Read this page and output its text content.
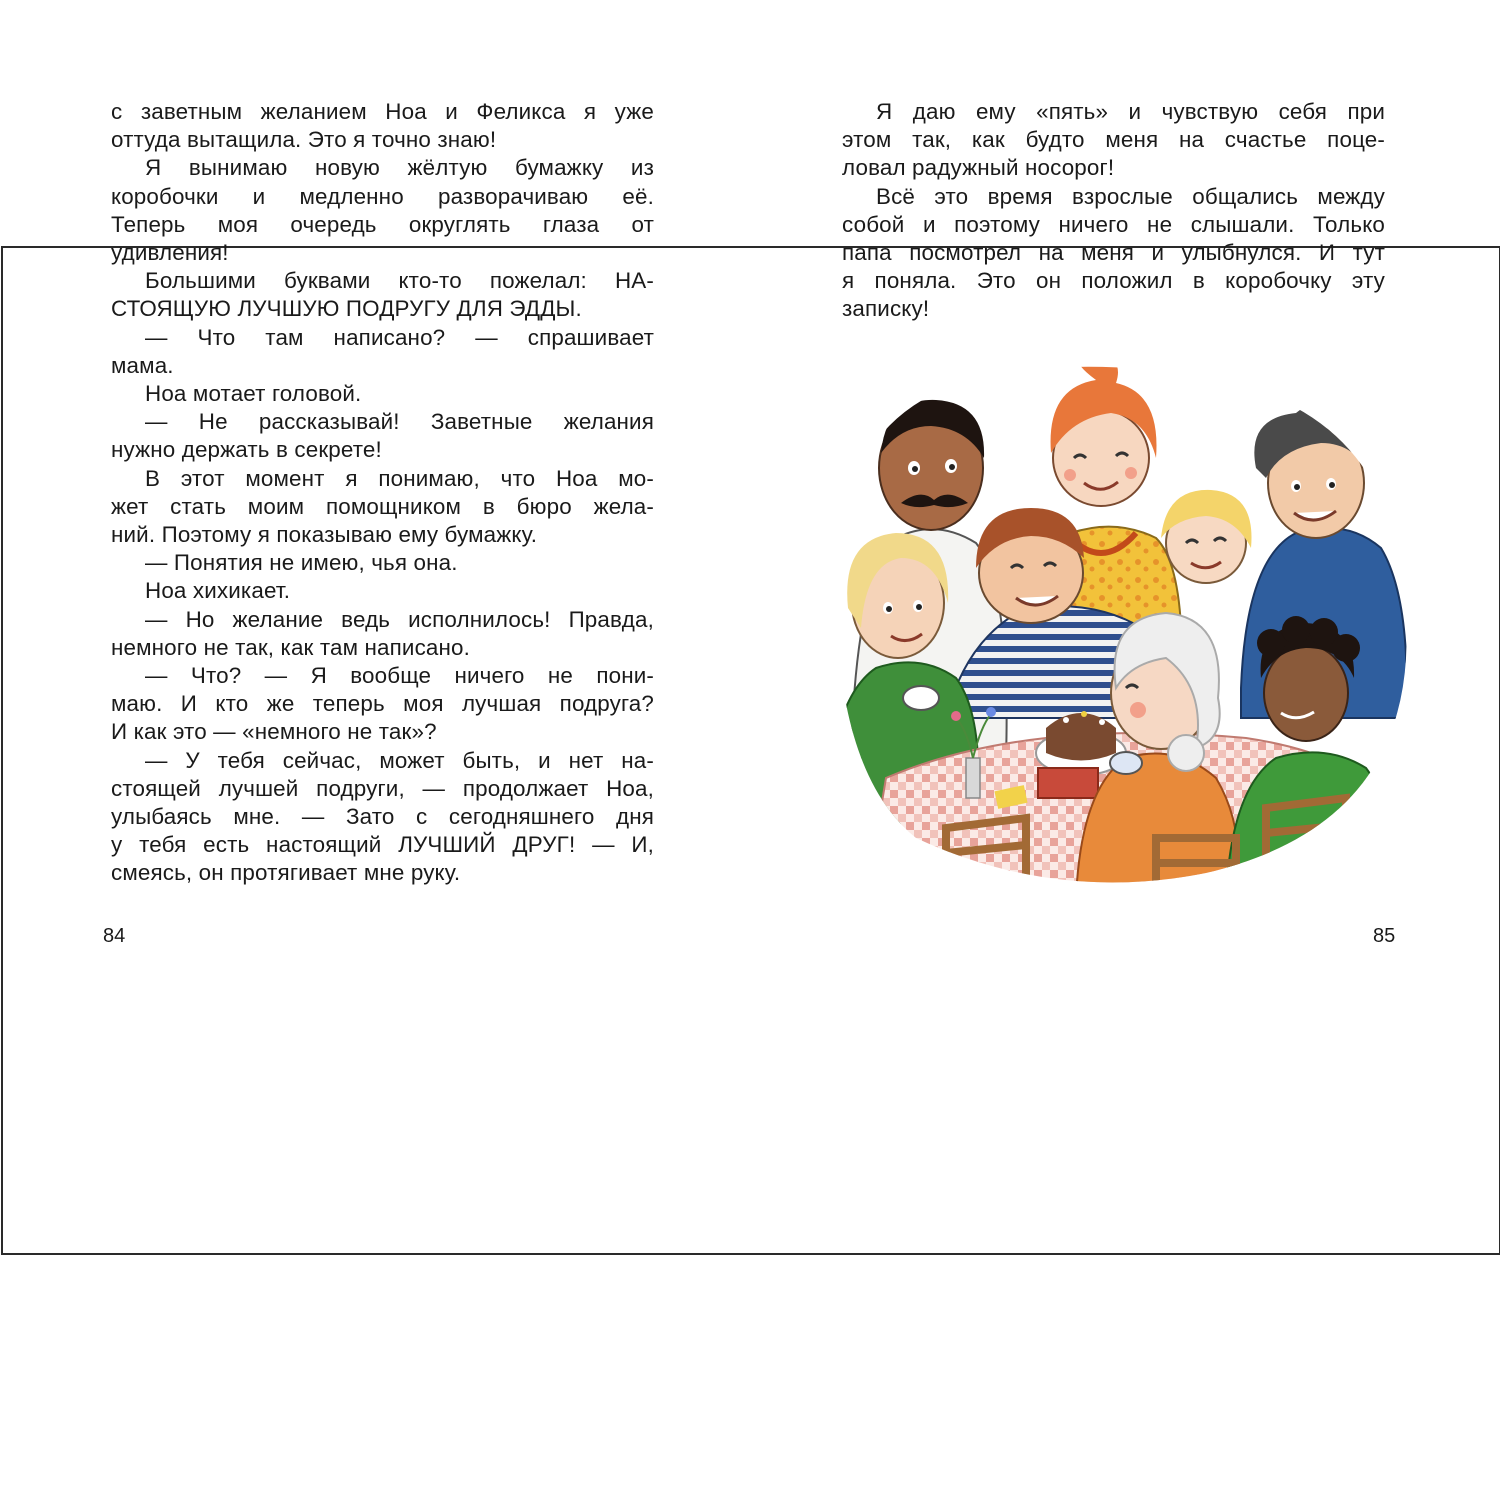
с заветным желанием Ноа и Феликса я уже

оттуда вытащила. Это я точно знаю!

Я вынимаю новую жёлтую бумажку из

коробочки и медленно разворачиваю её.

Теперь моя очередь округлять глаза от

удивления!

Большими буквами кто-то пожелал: НА-

СТОЯЩУЮ ЛУЧШУЮ ПОДРУГУ ДЛЯ ЭДДЫ.

— Что там написано? — спрашивает

мама.

Ноа мотает головой.

— Не рассказывай! Заветные желания

нужно держать в секрете!

В этот момент я понимаю, что Ноа мо-

жет стать моим помощником в бюро жела-

ний. Поэтому я показываю ему бумажку.

— Понятия не имею, чья она.

Ноа хихикает.

— Но желание ведь исполнилось! Правда,

немного не так, как там написано.

— Что? — Я вообще ничего не пони-

маю. И кто же теперь моя лучшая подруга?

И как это — «немного не так»?

— У тебя сейчас, может быть, и нет на-

стоящей лучшей подруги, — продолжает Ноа,

улыбаясь мне. — Зато с сегодняшнего дня

у тебя есть настоящий ЛУЧШИЙ ДРУГ! — И,

смеясь, он протягивает мне руку.

Я даю ему «пять» и чувствую себя при

этом так, как будто меня на счастье поце-

ловал радужный носорог!

Всё это время взрослые общались между

собой и поэтому ничего не слышали. Только

папа посмотрел на меня и улыбнулся. И тут

я поняла. Это он положил в коробочку эту

записку!

84	85
